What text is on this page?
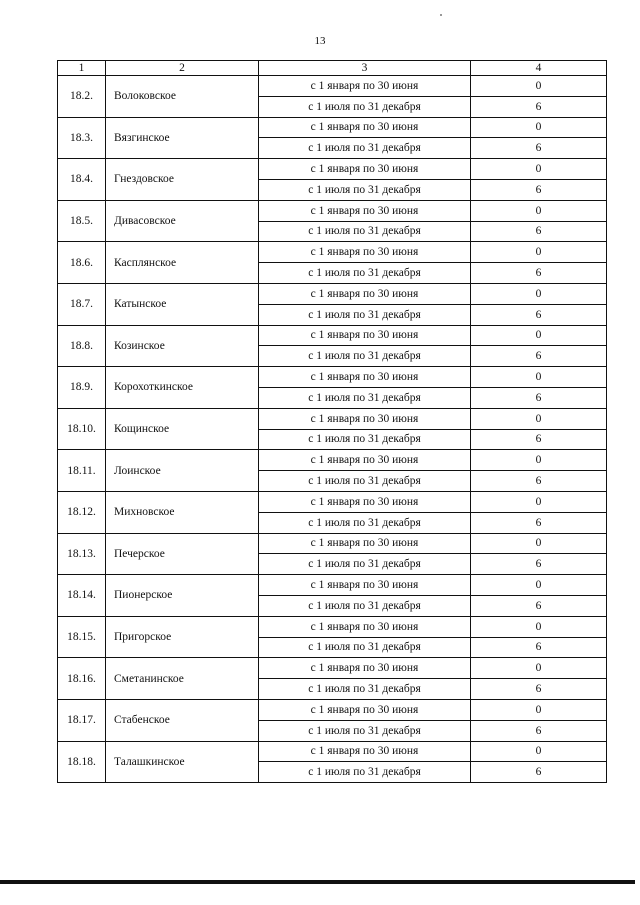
13
1	2	3	4
18.2.	Волоковское	с 1 января по 30 июня	0
		с 1 июля по 31 декабря	6
18.3.	Вязгинское	с 1 января по 30 июня	0
		с 1 июля по 31 декабря	6
18.4.	Гнездовское	с 1 января по 30 июня	0
		с 1 июля по 31 декабря	6
18.5.	Дивасовское	с 1 января по 30 июня	0
		с 1 июля по 31 декабря	6
18.6.	Касплянское	с 1 января по 30 июня	0
		с 1 июля по 31 декабря	6
18.7.	Катынское	с 1 января по 30 июня	0
		с 1 июля по 31 декабря	6
18.8.	Козинское	с 1 января по 30 июня	0
		с 1 июля по 31 декабря	6
18.9.	Корохоткинское	с 1 января по 30 июня	0
		с 1 июля по 31 декабря	6
18.10.	Кощинское	с 1 января по 30 июня	0
		с 1 июля по 31 декабря	6
18.11.	Лоинское	с 1 января по 30 июня	0
		с 1 июля по 31 декабря	6
18.12.	Михновское	с 1 января по 30 июня	0
		с 1 июля по 31 декабря	6
18.13.	Печерское	с 1 января по 30 июня	0
		с 1 июля по 31 декабря	6
18.14.	Пионерское	с 1 января по 30 июня	0
		с 1 июля по 31 декабря	6
18.15.	Пригорское	с 1 января по 30 июня	0
		с 1 июля по 31 декабря	6
18.16.	Сметанинское	с 1 января по 30 июня	0
		с 1 июля по 31 декабря	6
18.17.	Стабенское	с 1 января по 30 июня	0
		с 1 июля по 31 декабря	6
18.18.	Талашкинское	с 1 января по 30 июня	0
		с 1 июля по 31 декабря	6
